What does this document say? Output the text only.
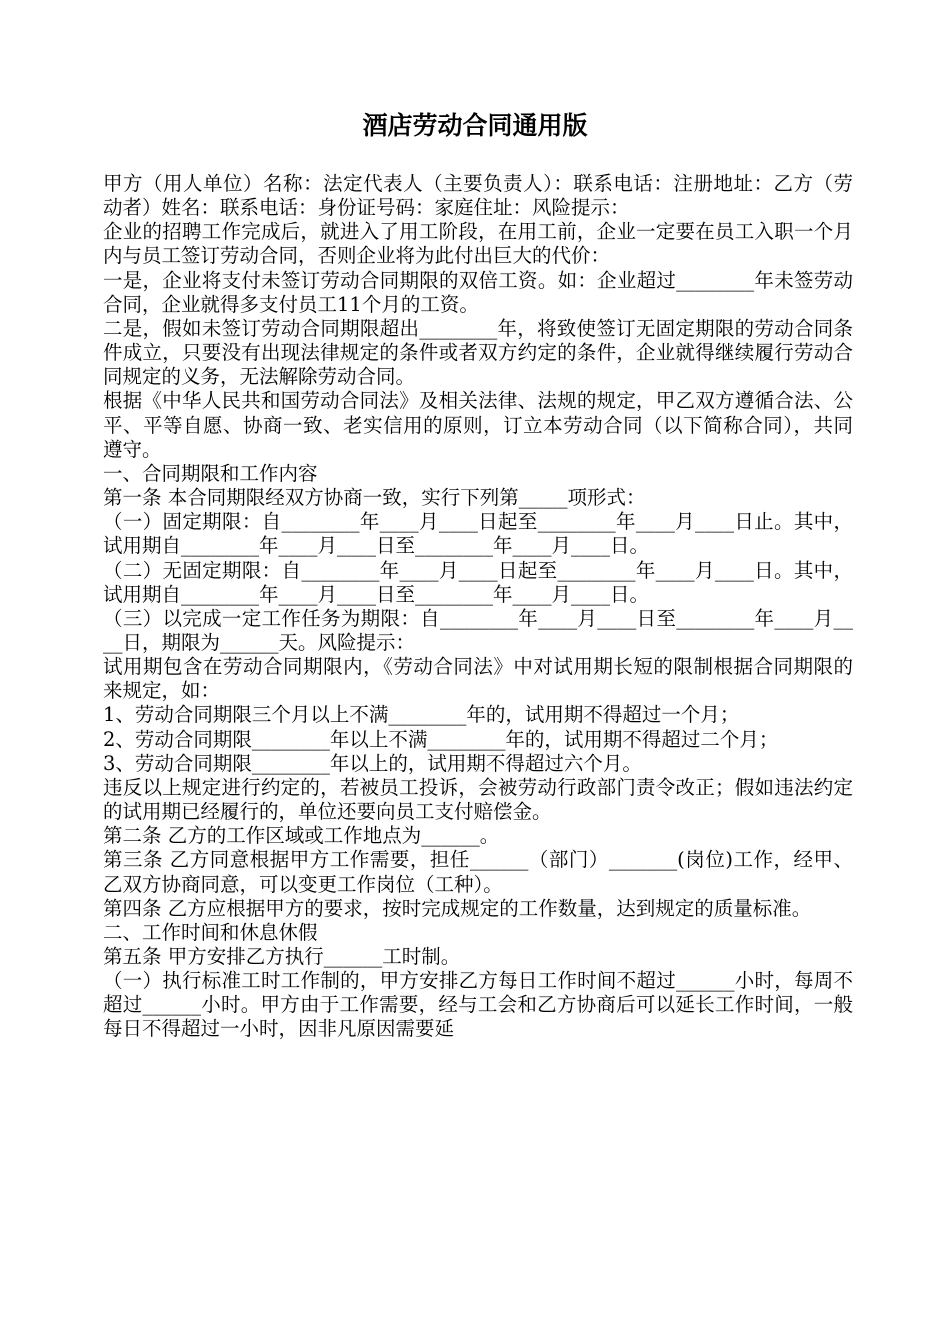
酒店劳动合同通用版

甲方（用人单位）名称：法定代表人（主要负责人）：联系电话：注册地址：乙方（劳动者）姓名：联系电话：身份证号码：家庭住址：风险提示：

企业的招聘工作完成后，就进入了用工阶段，在用工前，企业一定要在员工入职一个月内与员工签订劳动合同，否则企业将为此付出巨大的代价：

一是，企业将支付未签订劳动合同期限的双倍工资。如：企业超过________年未签劳动合同，企业就得多支付员工11个月的工资。

二是，假如未签订劳动合同期限超出________年，将致使签订无固定期限的劳动合同条件成立，只要没有出现法律规定的条件或者双方约定的条件，企业就得继续履行劳动合同规定的义务，无法解除劳动合同。

根据《中华人民共和国劳动合同法》及相关法律、法规的规定，甲乙双方遵循合法、公平、平等自愿、协商一致、老实信用的原则，订立本劳动合同（以下简称合同），共同遵守。

一、合同期限和工作内容

第一条 本合同期限经双方协商一致，实行下列第_____项形式：

（一）固定期限：自________年____月____日起至________年____月____日止。其中，试用期自________年____月____日至________年____月____日。

（二）无固定期限：自________年____月____日起至________年____月____日。其中，试用期自________年____月____日至________年____月____日。

（三）以完成一定工作任务为期限：自________年____月____日至________年____月____日，期限为______天。风险提示：

试用期包含在劳动合同期限内，《劳动合同法》中对试用期长短的限制根据合同期限的来规定，如：

1、劳动合同期限三个月以上不满________年的，试用期不得超过一个月；

2、劳动合同期限________年以上不满________年的，试用期不得超过二个月；

3、劳动合同期限________年以上的，试用期不得超过六个月。

违反以上规定进行约定的，若被员工投诉，会被劳动行政部门责令改正；假如违法约定的试用期已经履行的，单位还要向员工支付赔偿金。

第二条 乙方的工作区域或工作地点为______。

第三条 乙方同意根据甲方工作需要，担任______（部门）_______(岗位)工作，经甲、乙双方协商同意，可以变更工作岗位（工种）。

第四条 乙方应根据甲方的要求，按时完成规定的工作数量，达到规定的质量标准。

二、工作时间和休息休假

第五条 甲方安排乙方执行______工时制。

（一）执行标准工时工作制的，甲方安排乙方每日工作时间不超过______小时，每周不超过______小时。甲方由于工作需要，经与工会和乙方协商后可以延长工作时间，一般每日不得超过一小时，因非凡原因需要延
